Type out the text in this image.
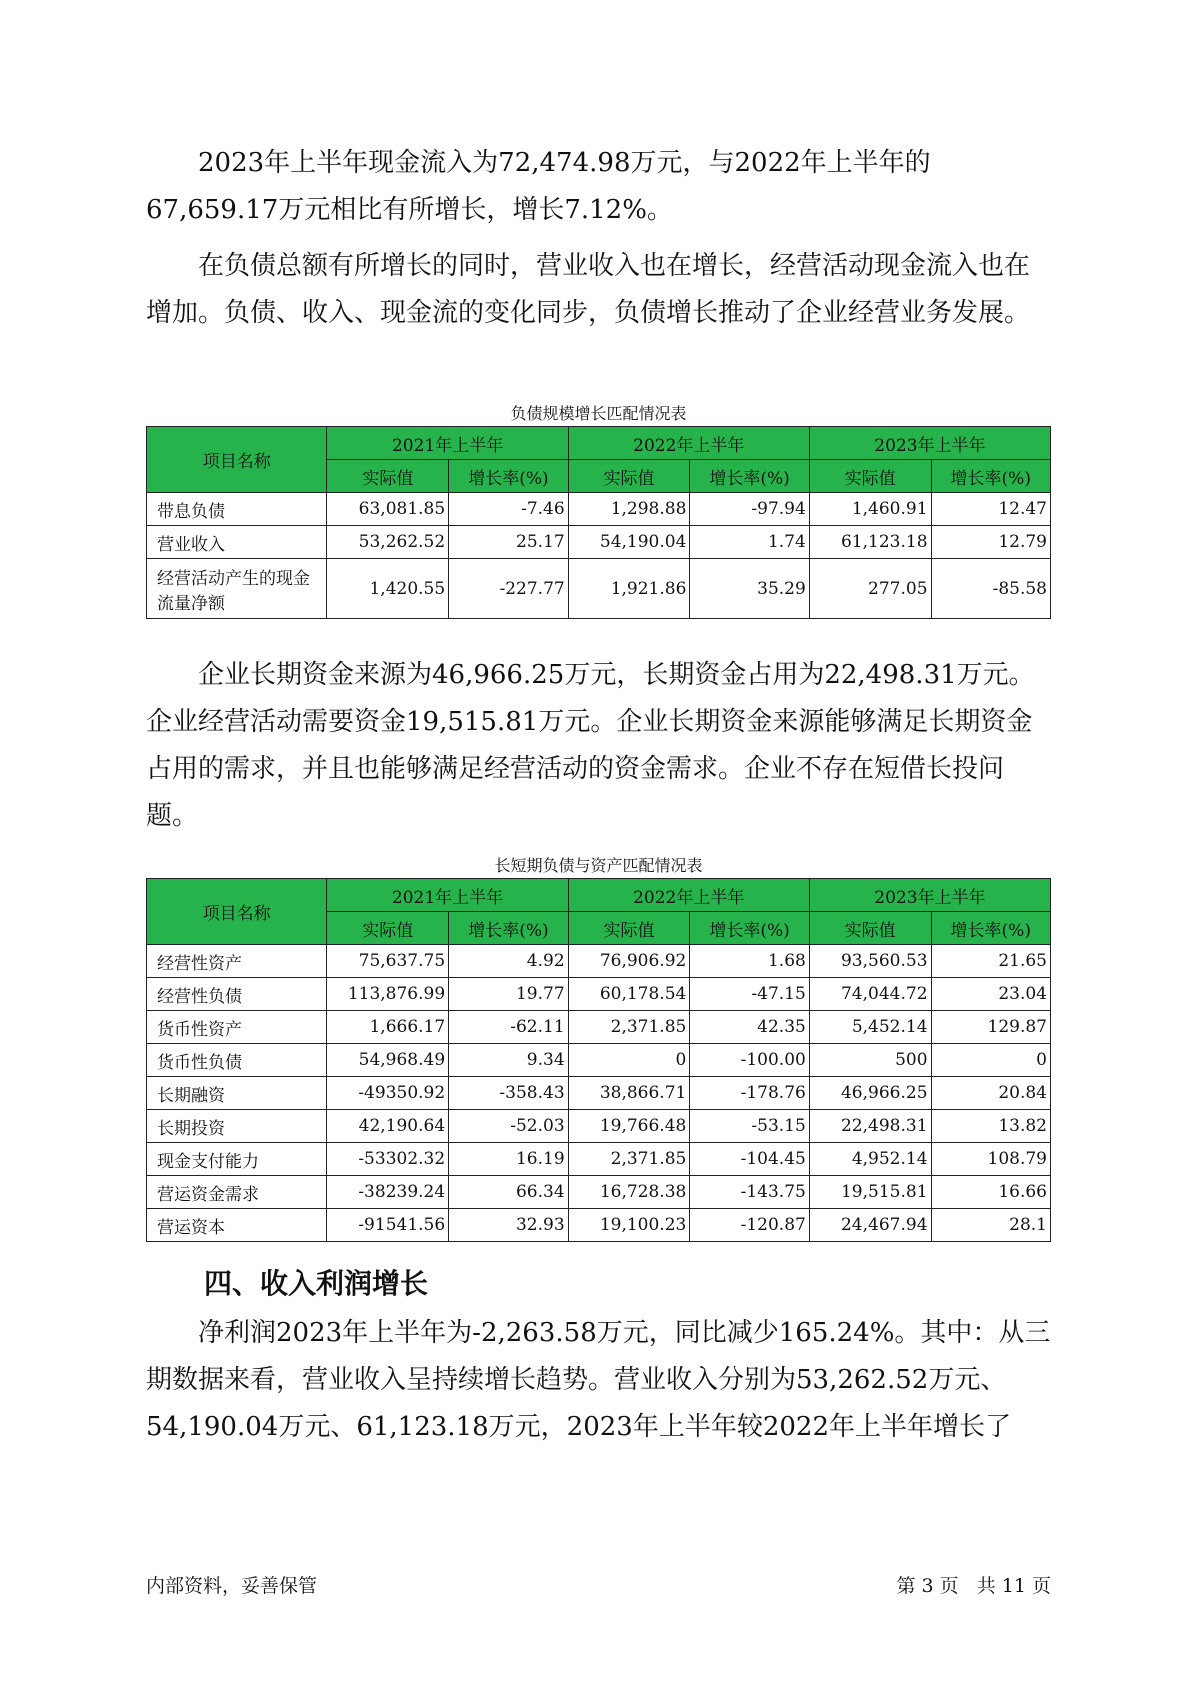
2023年上半年现金流入为72,474.98万元，与2022年上半年的67,659.17万元相比有所增长，增长7.12%。

在负债总额有所增长的同时，营业收入也在增长，经营活动现金流入也在增加。负债、收入、现金流的变化同步，负债增长推动了企业经营业务发展。

负债规模增长匹配情况表
项目名称	2021年上半年		2022年上半年		2023年上半年	
	实际值	增长率(%)	实际值	增长率(%)	实际值	增长率(%)
带息负债	63,081.85	-7.46	1,298.88	-97.94	1,460.91	12.47
营业收入	53,262.52	25.17	54,190.04	1.74	61,123.18	12.79
经营活动产生的现金流量净额	1,420.55	-227.77	1,921.86	35.29	277.05	-85.58

企业长期资金来源为46,966.25万元，长期资金占用为22,498.31万元。企业经营活动需要资金19,515.81万元。企业长期资金来源能够满足长期资金占用的需求，并且也能够满足经营活动的资金需求。企业不存在短借长投问题。

长短期负债与资产匹配情况表
项目名称	2021年上半年		2022年上半年		2023年上半年	
	实际值	增长率(%)	实际值	增长率(%)	实际值	增长率(%)
经营性资产	75,637.75	4.92	76,906.92	1.68	93,560.53	21.65
经营性负债	113,876.99	19.77	60,178.54	-47.15	74,044.72	23.04
货币性资产	1,666.17	-62.11	2,371.85	42.35	5,452.14	129.87
货币性负债	54,968.49	9.34	0	-100.00	500	0
长期融资	-49350.92	-358.43	38,866.71	-178.76	46,966.25	20.84
长期投资	42,190.64	-52.03	19,766.48	-53.15	22,498.31	13.82
现金支付能力	-53302.32	16.19	2,371.85	-104.45	4,952.14	108.79
营运资金需求	-38239.24	66.34	16,728.38	-143.75	19,515.81	16.66
营运资本	-91541.56	32.93	19,100.23	-120.87	24,467.94	28.1
四、收入利润增长

净利润2023年上半年为-2,263.58万元，同比减少165.24%。其中：从三期数据来看，营业收入呈持续增长趋势。营业收入分别为53,262.52万元、54,190.04万元、61,123.18万元，2023年上半年较2022年上半年增长了

内部资料，妥善保管	第 3 页   共 11 页
